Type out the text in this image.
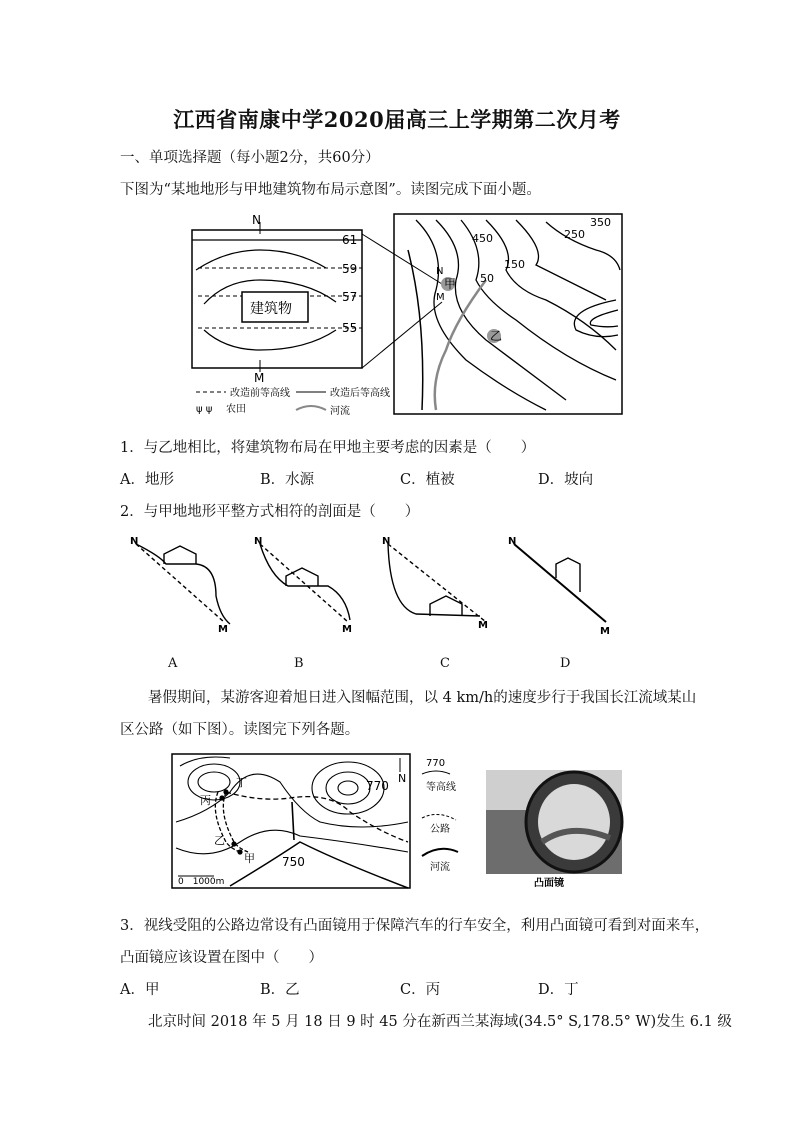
江西省南康中学2020届高三上学期第二次月考
一、单项选择题（每小题2分，共60分）
下图为“某地地形与甲地建筑物布局示意图”。读图完成下面小题。
N
M
建筑物
61
59
57
55
甲
乙
N
M
350
450	250
150
50
改造前等高线	改造后等高线
ψ ψ 农田	河流
1．与乙地相比，将建筑物布局在甲地主要考虑的因素是（　　）
A．地形	B．水源	C．植被	D．坡向
2．与甲地地形平整方式相符的剖面是（　　）
N
M
N
M
N
M
N
M
A	B	C	D
暑假期间，某游客迎着旭日进入图幅范围，以 4 km/h的速度步行于我国长江流域某山
区公路（如下图）。读图完下列各题。
丁
丙
乙
甲
770
750
N
0　1000m
770
等高线
公路
河流
凸面镜
3．视线受阻的公路边常设有凸面镜用于保障汽车的行车安全，利用凸面镜可看到对面来车，
凸面镜应该设置在图中（　　）
A．甲	B．乙	C．丙	D．丁
北京时间 2018 年 5 月 18 日 9 时 45 分在新西兰某海域(34.5° S,178.5° W)发生 6.1 级
